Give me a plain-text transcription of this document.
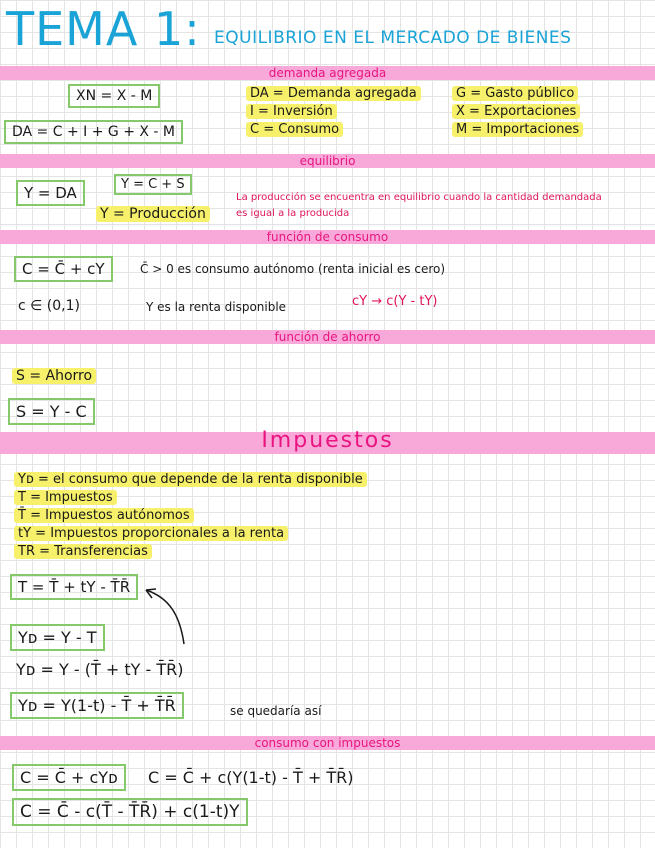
TEMA 1: EQUILIBRIO EN EL MERCADO DE BIENES
demanda agregada
XN = X - M
DA = C + I + G + X - M
DA = Demanda agregada
I = Inversión
C = Consumo
G = Gasto público
X = Exportaciones
M = Importaciones
equilibrio
Y = DA	Y = C + S
Y = Producción
La producción se encuentra en equilibrio cuando la cantidad demandada
es igual a la producida
función de consumo
C = C̄ + cY	C̄ > 0 es consumo autónomo (renta inicial es cero)
c ∈ (0,1)	Y es la renta disponible	cY → c(Y - tY)
función de ahorro
S = Ahorro
S = Y - C
Impuestos
Yᴅ = el consumo que depende de la renta disponible
T = Impuestos
T̄ = Impuestos autónomos
tY = Impuestos proporcionales a la renta
TR = Transferencias
T = T̄ + tY - T̄R̄
Yᴅ = Y - T
Yᴅ = Y - (T̄ + tY - T̄R̄)
Yᴅ = Y(1-t) - T̄ + T̄R̄	se quedaría así
consumo con impuestos
C = C̄ + cYᴅ	C = C̄ + c(Y(1-t) - T̄ + T̄R̄)
C = C̄ - c(T̄ - T̄R̄) + c(1-t)Y
